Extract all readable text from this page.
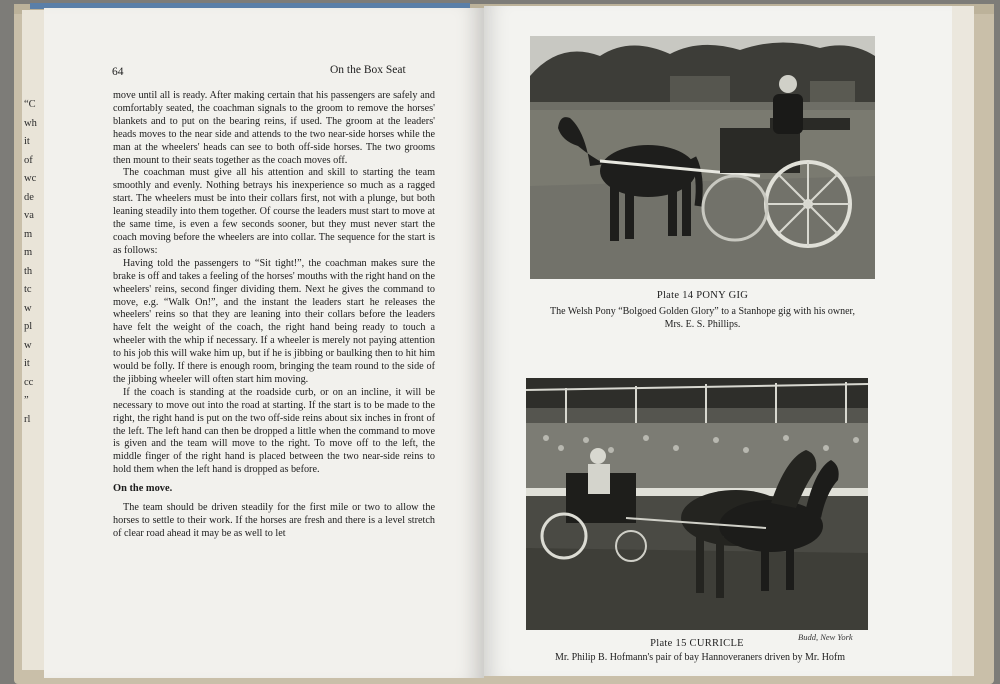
“C
wh
it
of
wc
de
va
m
m
th
tc
w
pl
w
it
cc
”
rl
64	On the Box Seat

move until all is ready. After making certain that his passengers are safely and comfortably seated, the coachman signals to the groom to remove the horses' blankets and to put on the bearing reins, if used. The groom at the leaders' heads moves to the near side and attends to the two near-side horses while the man at the wheelers' heads can see to both off-side horses. The two grooms then mount to their seats together as the coach moves off.

The coachman must give all his attention and skill to starting the team smoothly and evenly. Nothing betrays his inexperience so much as a ragged start. The wheelers must be into their collars first, not with a plunge, but both leaning steadily into them together. Of course the leaders must start to move at the same time, is even a few seconds sooner, but they must never start the coach moving before the wheelers are into collar. The sequence for the start is as follows:

Having told the passengers to “Sit tight!”, the coachman makes sure the brake is off and takes a feeling of the horses' mouths with the right hand on the wheelers' reins, second finger dividing them. Next he gives the command to move, e.g. “Walk On!”, and the instant the leaders start he releases the wheelers' reins so that they are leaning into their collars before the leaders have felt the weight of the coach, the right hand being ready to touch a wheeler with the whip if necessary. If a wheeler is merely not paying attention to his job this will wake him up, but if he is jibbing or baulking then to hit him would be folly. If there is enough room, bringing the team round to the side of the jibbing wheeler will often start him moving.

If the coach is standing at the roadside curb, or on an incline, it will be necessary to move out into the road at starting. If the start is to be made to the right, the right hand is put on the two off-side reins about six inches in front of the left. The left hand can then be dropped a little when the command to move is given and the team will move to the right. To move off to the left, the middle finger of the right hand is placed between the two near-side reins to hold them when the left hand is dropped as before.

On the move.

The team should be driven steadily for the first mile or two to allow the horses to settle to their work. If the horses are fresh and there is a level stretch of clear road ahead it may be as well to let

Plate 14 PONY GIG
The Welsh Pony “Bolgoed Golden Glory” to a Stanhope gig with his owner,
Mrs. E. S. Phillips.
Budd, New York
Plate 15 CURRICLE
Mr. Philip B. Hofmann's pair of bay Hannoveraners driven by Mr. Hofm
